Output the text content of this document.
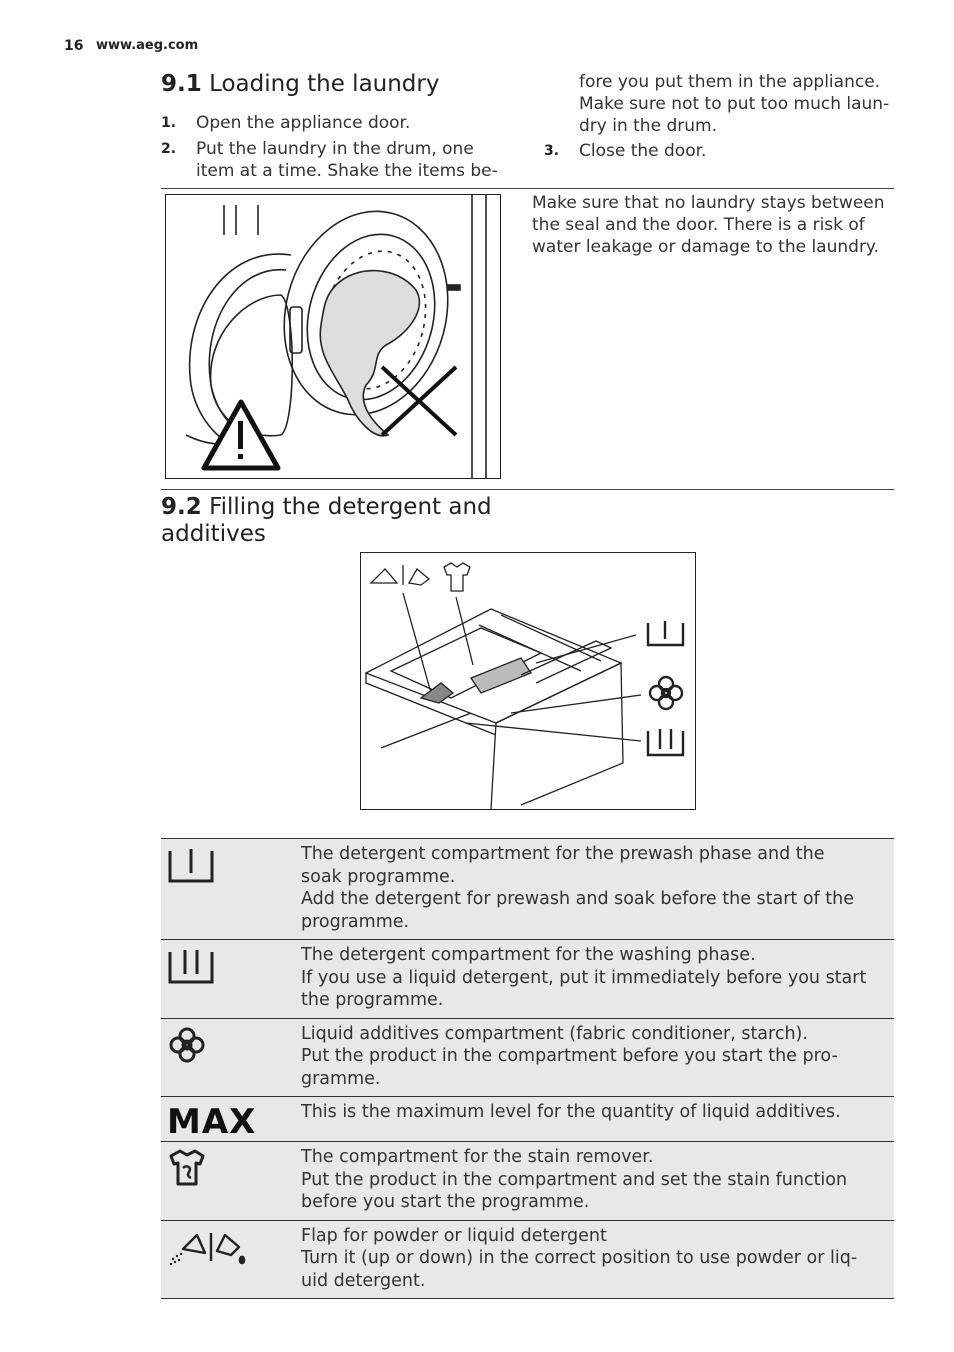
16 www.aeg.com
9.1 Loading the laundry
1. Open the appliance door.
2. Put the laundry in the drum, one
item at a time. Shake the items be-
fore you put them in the appliance.
Make sure not to put too much laun-
dry in the drum.
3. Close the door.
Make sure that no laundry stays between
the seal and the door. There is a risk of
water leakage or damage to the laundry.
9.2 Filling the detergent and
additives

The detergent compartment for the prewash phase and the
soak programme.
Add the detergent for prewash and soak before the start of the
programme.

The detergent compartment for the washing phase.
If you use a liquid detergent, put it immediately before you start
the programme.

Liquid additives compartment (fabric conditioner, starch).
Put the product in the compartment before you start the pro-
gramme.

MAX	This is the maximum level for the quantity of liquid additives.

The compartment for the stain remover.
Put the product in the compartment and set the stain function
before you start the programme.

Flap for powder or liquid detergent
Turn it (up or down) in the correct position to use powder or liq-
uid detergent.
